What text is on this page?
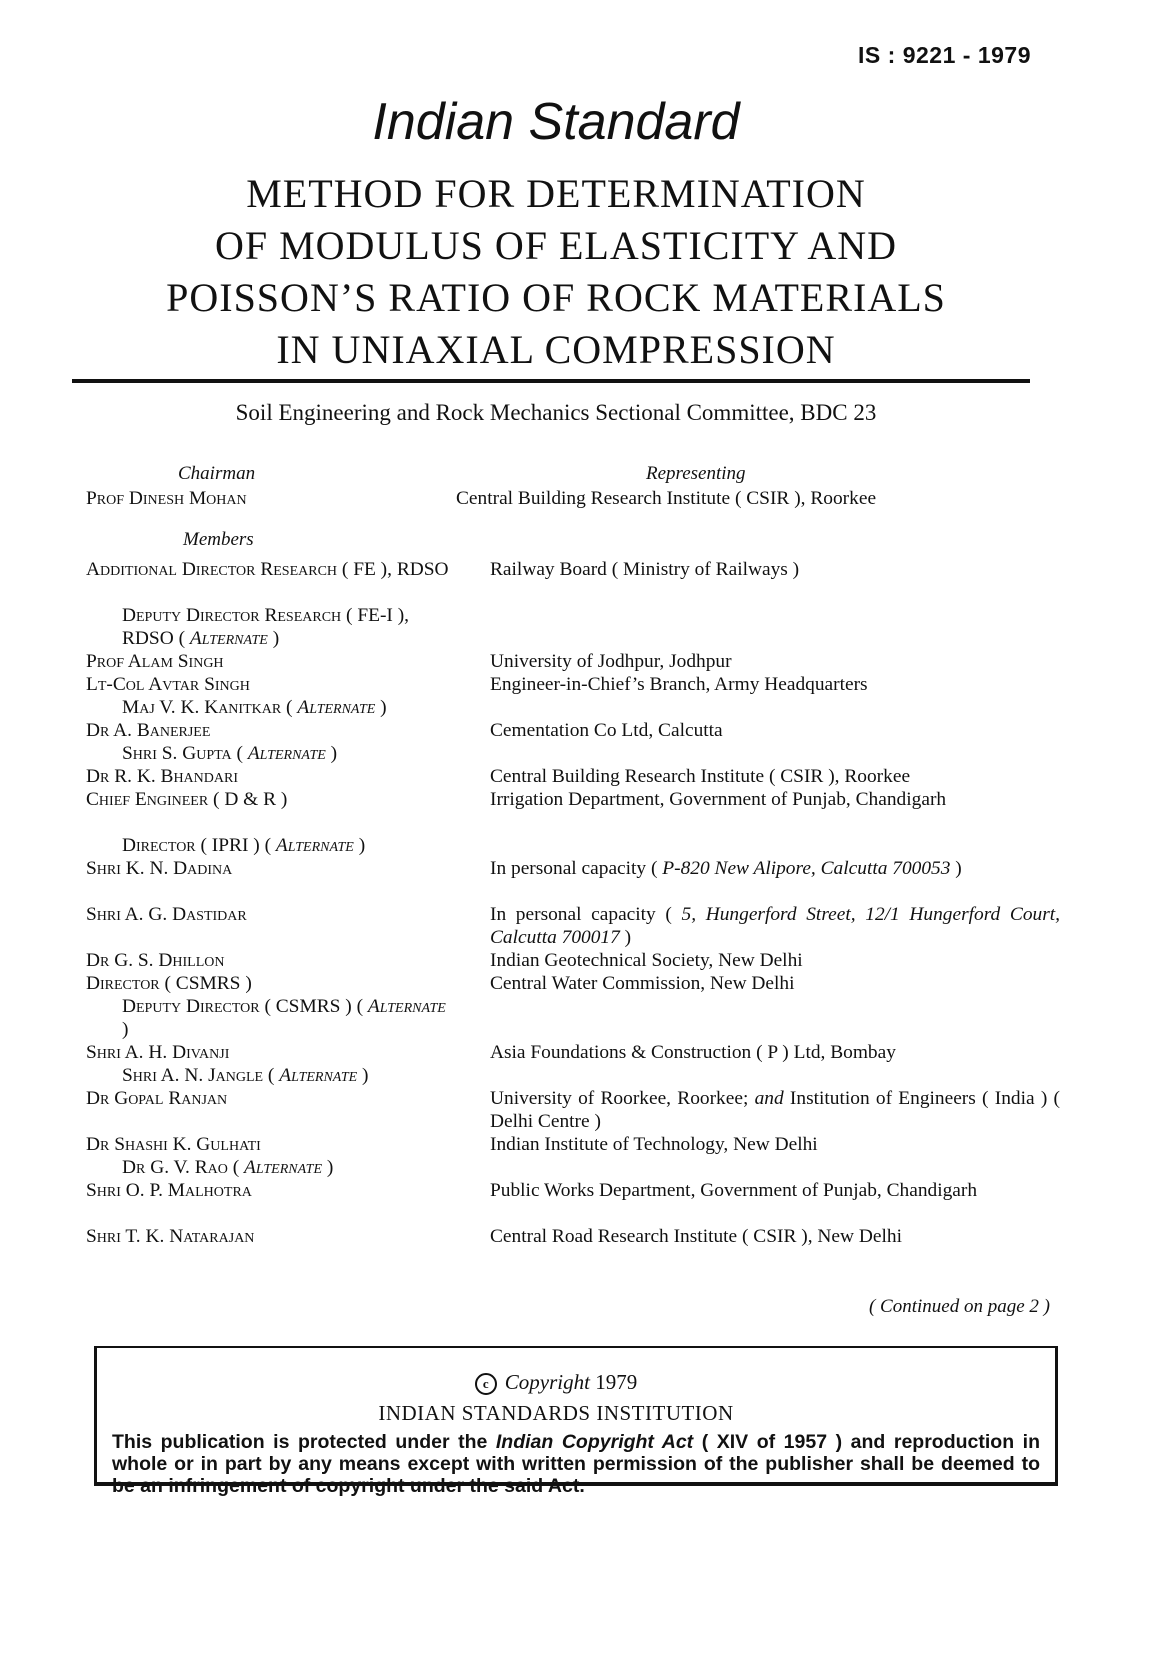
IS : 9221 - 1979
Indian Standard
METHOD FOR DETERMINATION
OF MODULUS OF ELASTICITY AND
POISSON’S RATIO OF ROCK MATERIALS
IN UNIAXIAL COMPRESSION
Soil Engineering and Rock Mechanics Sectional Committee, BDC 23
Chairman	Representing
Prof Dinesh Mohan	Central Building Research Institute ( CSIR ), Roorkee
Members
Additional Director Research ( FE ), RDSO	Railway Board ( Ministry of Railways )
Deputy Director Research ( FE-I ), RDSO ( Alternate )
Prof Alam Singh	University of Jodhpur, Jodhpur
Lt-Col Avtar Singh	Engineer-in-Chief’s Branch, Army Headquarters
Maj V. K. Kanitkar ( Alternate )
Dr A. Banerjee	Cementation Co Ltd, Calcutta
Shri S. Gupta ( Alternate )
Dr R. K. Bhandari	Central Building Research Institute ( CSIR ), Roorkee
Chief Engineer ( D & R )	Irrigation Department, Government of Punjab, Chandigarh
Director ( IPRI ) ( Alternate )
Shri K. N. Dadina	In personal capacity ( P-820 New Alipore, Calcutta 700053 )
Shri A. G. Dastidar	In personal capacity ( 5, Hungerford Street, 12/1 Hungerford Court, Calcutta 700017 )
Dr G. S. Dhillon	Indian Geotechnical Society, New Delhi
Director ( CSMRS )	Central Water Commission, New Delhi
Deputy Director ( CSMRS ) ( Alternate )
Shri A. H. Divanji	Asia Foundations & Construction ( P ) Ltd, Bombay
Shri A. N. Jangle ( Alternate )
Dr Gopal Ranjan	University of Roorkee, Roorkee; and Institution of Engineers ( India ) ( Delhi Centre )
Dr Shashi K. Gulhati	Indian Institute of Technology, New Delhi
Dr G. V. Rao ( Alternate )
Shri O. P. Malhotra	Public Works Department, Government of Punjab, Chandigarh
Shri T. K. Natarajan	Central Road Research Institute ( CSIR ), New Delhi
( Continued on page 2 )
c Copyright 1979
INDIAN STANDARDS INSTITUTION
This publication is protected under the Indian Copyright Act ( XIV of 1957 ) and reproduction in whole or in part by any means except with written permission of the publisher shall be deemed to be an infringement of copyright under the said Act.
